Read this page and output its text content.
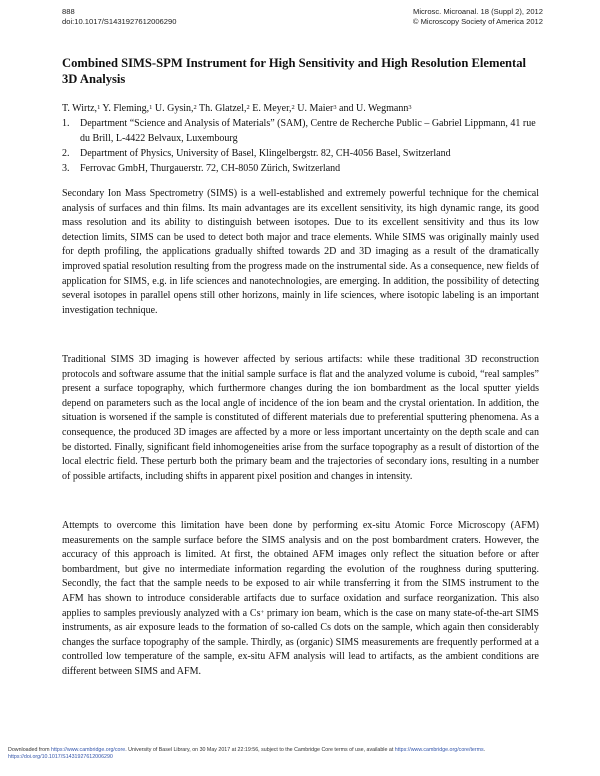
888
doi:10.1017/S1431927612006290
Microsc. Microanal. 18 (Suppl 2), 2012
© Microscopy Society of America 2012
Combined SIMS-SPM Instrument for High Sensitivity and High Resolution Elemental 3D Analysis
T. Wirtz,$^1$ Y. Fleming,$^1$ U. Gysin,$^2$ Th. Glatzel,$^2$ E. Meyer,$^2$ U. Maier$^3$ and U. Wegmann$^3$
1.	Department “Science and Analysis of Materials” (SAM), Centre de Recherche Public – Gabriel Lippmann, 41 rue du Brill, L-4422 Belvaux, Luxembourg
2.	Department of Physics, University of Basel, Klingelbergstr. 82, CH-4056 Basel, Switzerland
3.	Ferrovac GmbH, Thurgauerstr. 72, CH-8050 Zürich, Switzerland

Secondary Ion Mass Spectrometry (SIMS) is a well-established and extremely powerful technique for the chemical analysis of surfaces and thin films. Its main advantages are its excellent sensitivity, its high dynamic range, its good mass resolution and its ability to distinguish between isotopes. Due to its excellent sensitivity and thus its low detection limits, SIMS can be used to detect both major and trace elements. While SIMS was originally mainly used for depth profiling, the applications gradually shifted towards 2D and 3D imaging as a result of the dramatically improved spatial resolution resulting from the progress made on the instrumental side. As a consequence, new fields of application for SIMS, e.g. in life sciences and nanotechnologies, are emerging. In addition, the possibility of detecting several isotopes in parallel opens still other horizons, mainly in life sciences, where isotopic labeling is an important investigation technique.

Traditional SIMS 3D imaging is however affected by serious artifacts: while these traditional 3D reconstruction protocols and software assume that the initial sample surface is flat and the analyzed volume is cuboid, “real samples” present a surface topography, which furthermore changes during the ion bombardment as the local sputter yields depend on parameters such as the local angle of incidence of the ion beam and the crystal orientation. In addition, the situation is worsened if the sample is constituted of different materials due to preferential sputtering phenomena. As a consequence, the produced 3D images are affected by a more or less important uncertainty on the depth scale and can be distorted. Finally, significant field inhomogeneities arise from the surface topography as a result of distortion of the local electric field. These perturb both the primary beam and the trajectories of secondary ions, resulting in a number of possible artifacts, including shifts in apparent pixel position and changes in intensity.

Attempts to overcome this limitation have been done by performing ex-situ Atomic Force Microscopy (AFM) measurements on the sample surface before the SIMS analysis and on the post bombardment craters. However, the accuracy of this approach is limited. At first, the obtained AFM images only reflect the situation before or after bombardment, but give no intermediate information regarding the evolution of the roughness during sputtering. Secondly, the fact that the sample needs to be exposed to air while transferring it from the SIMS instrument to the AFM has shown to introduce considerable artifacts due to surface oxidation and surface reorganization. This also applies to samples previously analyzed with a Cs+ primary ion beam, which is the case on many state-of-the-art SIMS instruments, as air exposure leads to the formation of so-called Cs dots on the sample, which again then considerably changes the surface topography of the sample. Thirdly, as (organic) SIMS measurements are frequently performed at a controlled low temperature of the sample, ex-situ AFM analysis will lead to artifacts, as the ambient conditions are different between SIMS and AFM.

Downloaded from https://www.cambridge.org/core. University of Basel Library, on 30 May 2017 at 22:19:56, subject to the Cambridge Core terms of use, available at https://www.cambridge.org/core/terms.
https://doi.org/10.1017/S1431927612006290
